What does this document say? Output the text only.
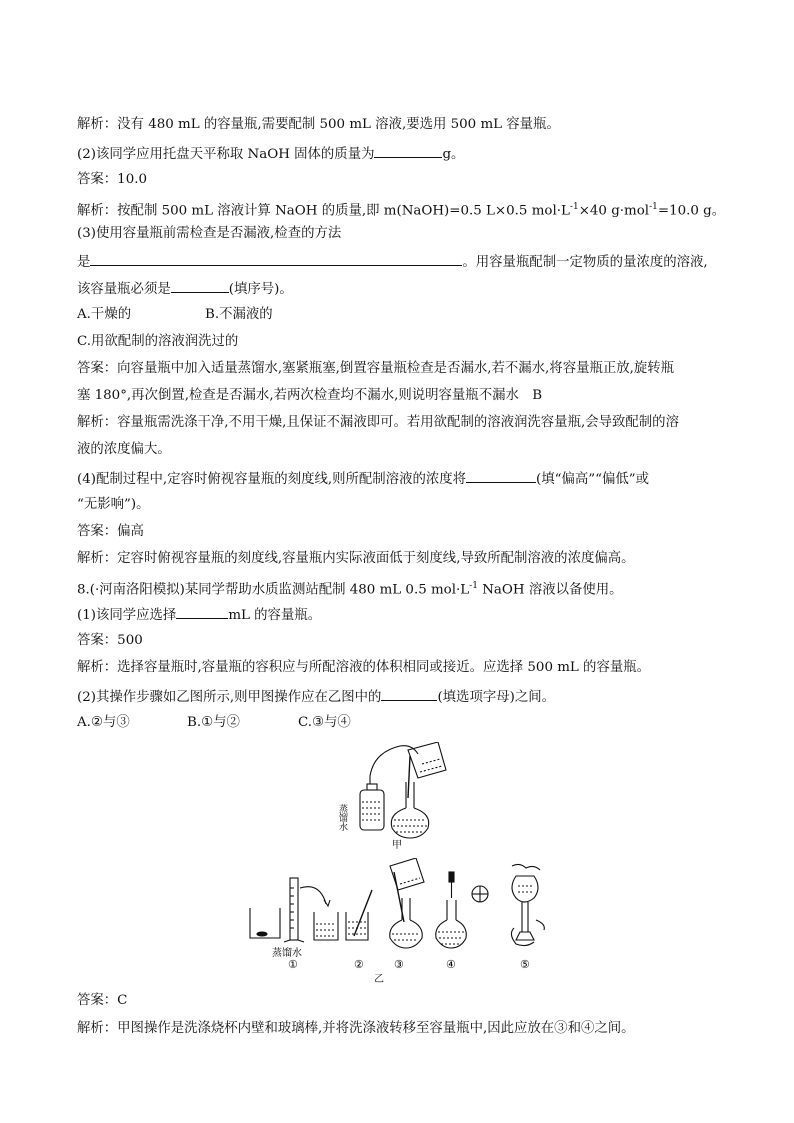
解析：没有 480 mL 的容量瓶,需要配制 500 mL 溶液,要选用 500 mL 容量瓶。
(2)该同学应用托盘天平称取 NaOH 固体的质量为	g。
答案：10.0
解析：按配制 500 mL 溶液计算 NaOH 的质量,即 m(NaOH)=0.5 L×0.5 $mol\cdot L^{-1}\times 40$ g·mol$^{-1}$=10.0 g。
(3)使用容量瓶前需检查是否漏液,检查的方法
是	。用容量瓶配制一定物质的量浓度的溶液,
该容量瓶必须是	(填序号)。
A.干燥的	B.不漏液的
C.用欲配制的溶液润洗过的
答案：向容量瓶中加入适量蒸馏水,塞紧瓶塞,倒置容量瓶检查是否漏水,若不漏水,将容量瓶正放,旋转瓶
塞 180°,再次倒置,检查是否漏水,若两次检查均不漏水,则说明容量瓶不漏水　B
解析：容量瓶需洗涤干净,不用干燥,且保证不漏液即可。若用欲配制的溶液润洗容量瓶,会导致配制的溶
液的浓度偏大。
(4)配制过程中,定容时俯视容量瓶的刻度线,则所配制溶液的浓度将	(填“偏高”“偏低”或
“无影响”)。
答案：偏高
解析：定容时俯视容量瓶的刻度线,容量瓶内实际液面低于刻度线,导致所配制溶液的浓度偏高。
8.(·河南洛阳模拟)某同学帮助水质监测站配制 480 mL 0.5 $mol\cdot L^{-1}$ NaOH 溶液以备使用。
(1)该同学应选择	mL 的容量瓶。
答案：500
解析：选择容量瓶时,容量瓶的容积应与所配溶液的体积相同或接近。应选择 500 mL 的容量瓶。
(2)其操作步骤如乙图所示,则甲图操作应在乙图中的	(填选项字母)之间。
A.②与③	B.①与②	C.③与④
蒸馏水
甲
蒸馏水
①	②	③	④	⑤
乙
答案：C
解析：甲图操作是洗涤烧杯内壁和玻璃棒,并将洗涤液转移至容量瓶中,因此应放在③和④之间。
